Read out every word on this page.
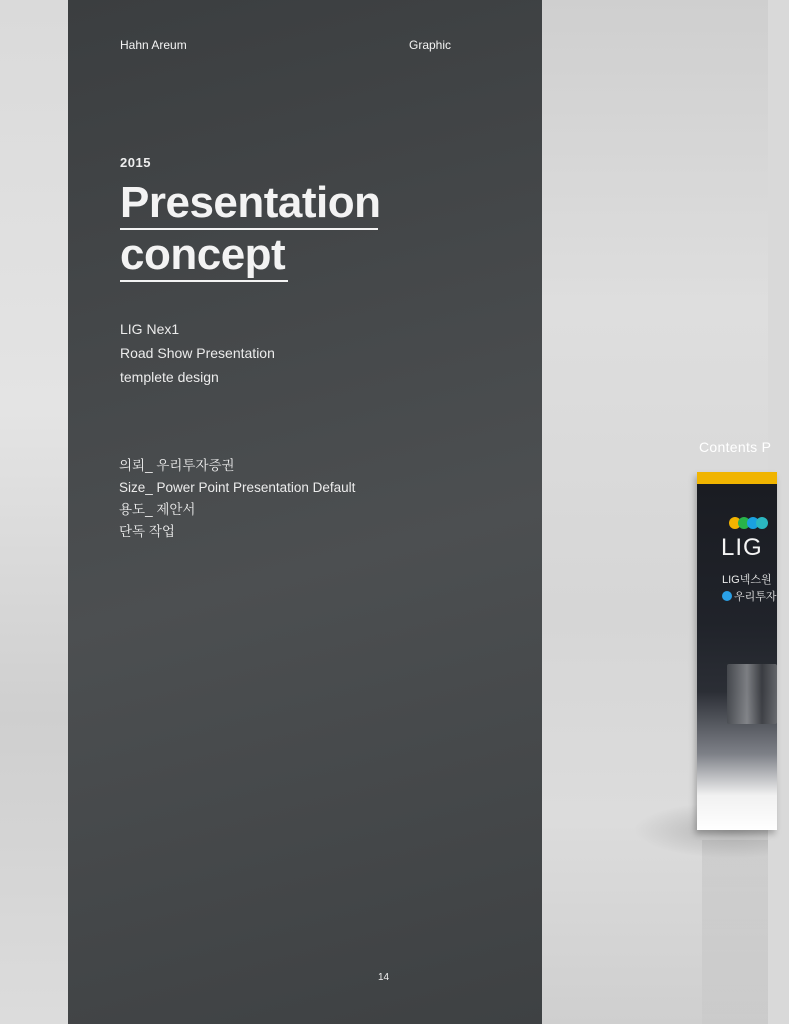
Hahn Areum	Graphic
2015
Presentation
concept
LIG Nex1
Road Show Presentation
templete design
의뢰_ 우리투자증권
Size_ Power Point Presentation Default
용도_ 제안서
단독 작업
14
Contents P
LIG
LIG넥스원
우리투자
